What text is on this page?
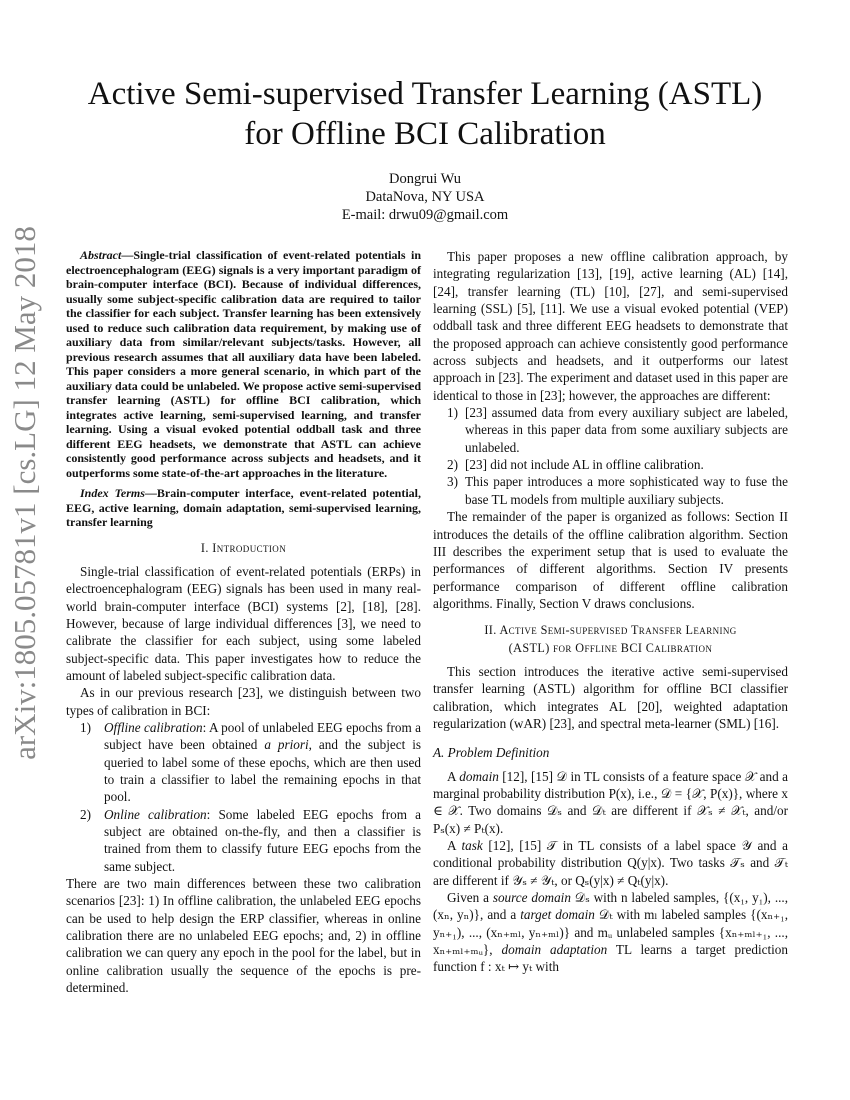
arXiv:1805.05781v1 [cs.LG] 12 May 2018
Active Semi-supervised Transfer Learning (ASTL)
for Offline BCI Calibration
Dongrui Wu
DataNova, NY USA
E-mail: drwu09@gmail.com

Abstract—Single-trial classification of event-related potentials in electroencephalogram (EEG) signals is a very important paradigm of brain-computer interface (BCI). Because of individual differences, usually some subject-specific calibration data are required to tailor the classifier for each subject. Transfer learning has been extensively used to reduce such calibration data requirement, by making use of auxiliary data from similar/relevant subjects/tasks. However, all previous research assumes that all auxiliary data have been labeled. This paper considers a more general scenario, in which part of the auxiliary data could be unlabeled. We propose active semi-supervised transfer learning (ASTL) for offline BCI calibration, which integrates active learning, semi-supervised learning, and transfer learning. Using a visual evoked potential oddball task and three different EEG headsets, we demonstrate that ASTL can achieve consistently good performance across subjects and headsets, and it outperforms some state-of-the-art approaches in the literature.

Index Terms—Brain-computer interface, event-related potential, EEG, active learning, domain adaptation, semi-supervised learning, transfer learning

I. Introduction

Single-trial classification of event-related potentials (ERPs) in electroencephalogram (EEG) signals has been used in many real-world brain-computer interface (BCI) systems [2], [18], [28]. However, because of large individual differences [3], we need to calibrate the classifier for each subject, using some labeled subject-specific data. This paper investigates how to reduce the amount of labeled subject-specific calibration data.

As in our previous research [23], we distinguish between two types of calibration in BCI:

1) Offline calibration: A pool of unlabeled EEG epochs from a subject have been obtained a priori, and the subject is queried to label some of these epochs, which are then used to train a classifier to label the remaining epochs in that pool.
2) Online calibration: Some labeled EEG epochs from a subject are obtained on-the-fly, and then a classifier is trained from them to classify future EEG epochs from the same subject.

There are two main differences between these two calibration scenarios [23]: 1) In offline calibration, the unlabeled EEG epochs can be used to help design the ERP classifier, whereas in online calibration there are no unlabeled EEG epochs; and, 2) in offline calibration we can query any epoch in the pool for the label, but in online calibration usually the sequence of the epochs is pre-determined.

This paper proposes a new offline calibration approach, by integrating regularization [13], [19], active learning (AL) [14], [24], transfer learning (TL) [10], [27], and semi-supervised learning (SSL) [5], [11]. We use a visual evoked potential (VEP) oddball task and three different EEG headsets to demonstrate that the proposed approach can achieve consistently good performance across subjects and headsets, and it outperforms our latest approach in [23]. The experiment and dataset used in this paper are identical to those in [23]; however, the approaches are different:

1) [23] assumed data from every auxiliary subject are labeled, whereas in this paper data from some auxiliary subjects are unlabeled.
2) [23] did not include AL in offline calibration.
3) This paper introduces a more sophisticated way to fuse the base TL models from multiple auxiliary subjects.

The remainder of the paper is organized as follows: Section II introduces the details of the offline calibration algorithm. Section III describes the experiment setup that is used to evaluate the performances of different algorithms. Section IV presents performance comparison of different offline calibration algorithms. Finally, Section V draws conclusions.

II. Active Semi-supervised Transfer Learning
(ASTL) for Offline BCI Calibration

This section introduces the iterative active semi-supervised transfer learning (ASTL) algorithm for offline BCI classifier calibration, which integrates AL [20], weighted adaptation regularization (wAR) [23], and spectral meta-learner (SML) [16].

A. Problem Definition

A domain [12], [15] 𝒟 in TL consists of a feature space 𝒳 and a marginal probability distribution P(x), i.e., 𝒟 = {𝒳, P(x)}, where x ∈ 𝒳. Two domains 𝒟ₛ and 𝒟ₜ are different if 𝒳ₛ ≠ 𝒳ₜ, and/or Pₛ(x) ≠ Pₜ(x).

A task [12], [15] 𝒯 in TL consists of a label space 𝒴 and a conditional probability distribution Q(y|x). Two tasks 𝒯ₛ and 𝒯ₜ are different if 𝒴ₛ ≠ 𝒴ₜ, or Qₛ(y|x) ≠ Qₜ(y|x).

Given a source domain 𝒟ₛ with n labeled samples, {(x₁, y₁), ..., (xₙ, yₙ)}, and a target domain 𝒟ₜ with mₗ labeled samples {(xₙ₊₁, yₙ₊₁), ..., (xₙ₊ₘₗ, yₙ₊ₘₗ)} and mᵤ unlabeled samples {xₙ₊ₘₗ₊₁, ..., xₙ₊ₘₗ₊ₘᵤ}, domain adaptation TL learns a target prediction function f : xₜ ↦ yₜ with
